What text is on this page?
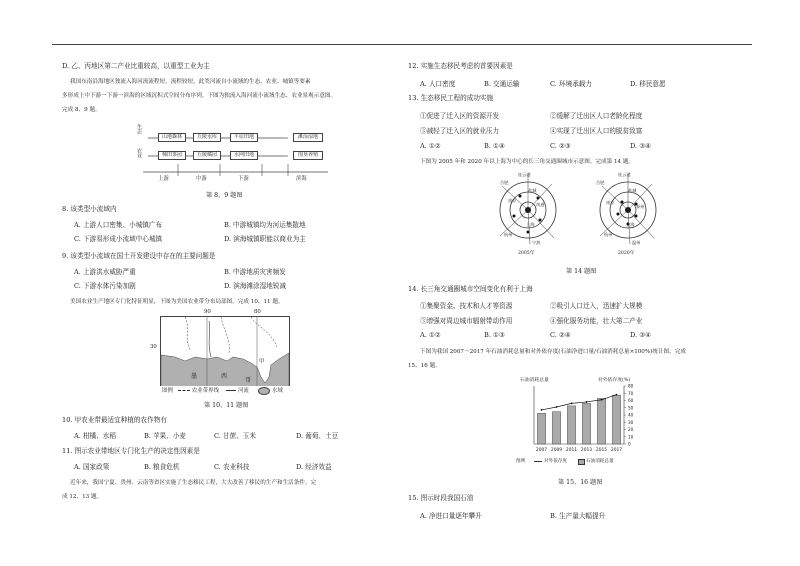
D. 乙、丙地区第二产业比重较高，以重型工业为主
我国东南沿海地区独流入海河流流程短，流程较短，此类河流自小流域的生态、农业、城镇等要素
多形成上中下游一下游一滨海的区域沉积式空间分布序列。下图为独流入海河流小流域生态、农业景观示意图。
完成 8、9 题。
山地森林	丘陵水库	平原田地	滩涂湿地
梯田茶园	丘陵橘园	水网田地	围垦养殖
生态
农业
上游	中游	下游	滨海
第 8、9 题图
8. 该类型小流域内
A. 上游人口密集、小城镇广布	B. 中游城镇均为河运集散地
C. 下游易形成小流域中心城镇	D. 滨海城镇职能以商业为主
9. 该类型小流域在国土开发建设中存在的主要问题是
A. 上游洪水威胁严重	B. 中游地质灾害频发
C. 下游水体污染加剧	D. 滨海滩涂湿地锐减
美国农业生产地区专门化特征明显，下图为美国农业带分布局部图。完成 10、11 题。
甲
墨	西
哥
90	80
30
图例	农业带界线	河流	水域
第 10、11 题图
10. 甲农业带最适宜种植的农作物有
A. 柑橘、水稻	B. 苹果、小麦	C. 甘蔗、玉米	D. 葡萄、土豆
11. 图示农业带地区专门化生产的决定性因素是
A. 国家政策	B. 粮食危机	C. 农业科技	D. 经济效益
近年来，我国宁夏、贵州、云南等省区实施了生态移民工程，大大改善了移民的生产和生活条件。完
成 12、13 题。
12. 实施生态移民考虑的首要因素是
A. 人口密度	B. 交通运输	C. 环境承载力	D. 移民意愿
13. 生态移民工程的成功实施
①促进了迁入区的资源开发	②缓解了迁出区人口老龄化程度
③减轻了迁入区的就业压力	④实现了迁出区人口的脱贫致富
A. ①②	B. ①④	C. ②③	D. ③④
下图为 2005 年和 2020 年以上海为中心的长三角交通圈城市示意图。完成第 14 题。
2005年	2020年
连云港
合肥
盐城
南京
南通
上海
杭州
宁波
连云港
合肥
盐城
南京
泰州
上海
杭州
温州
第 14 题图
14. 长三角交通圈城市空间变化有利于上海
①集聚资金、技术和人才等资源	②吸引人口迁入，迅速扩大规模
③增强对周边城市辐射带动作用	④强化服务功能，壮大第二产业
A. ①②	B. ①③	C. ②④	D. ③④
下图为我国 2007～2017 年石油消耗总量和对外依存度(石油净进口量/石油消耗总量×100%)统计图。完成
15、16 题。
石油消耗总量	对外依存度(%)
2007 2009 2011 2013 2015 2017
0
10
20
30
40
50
60
70
80
图例	对外依存度	石油消耗总量
第 15、16 题图
15. 图示时段我国石油
A. 净进口量逐年攀升	B. 生产量大幅提升
